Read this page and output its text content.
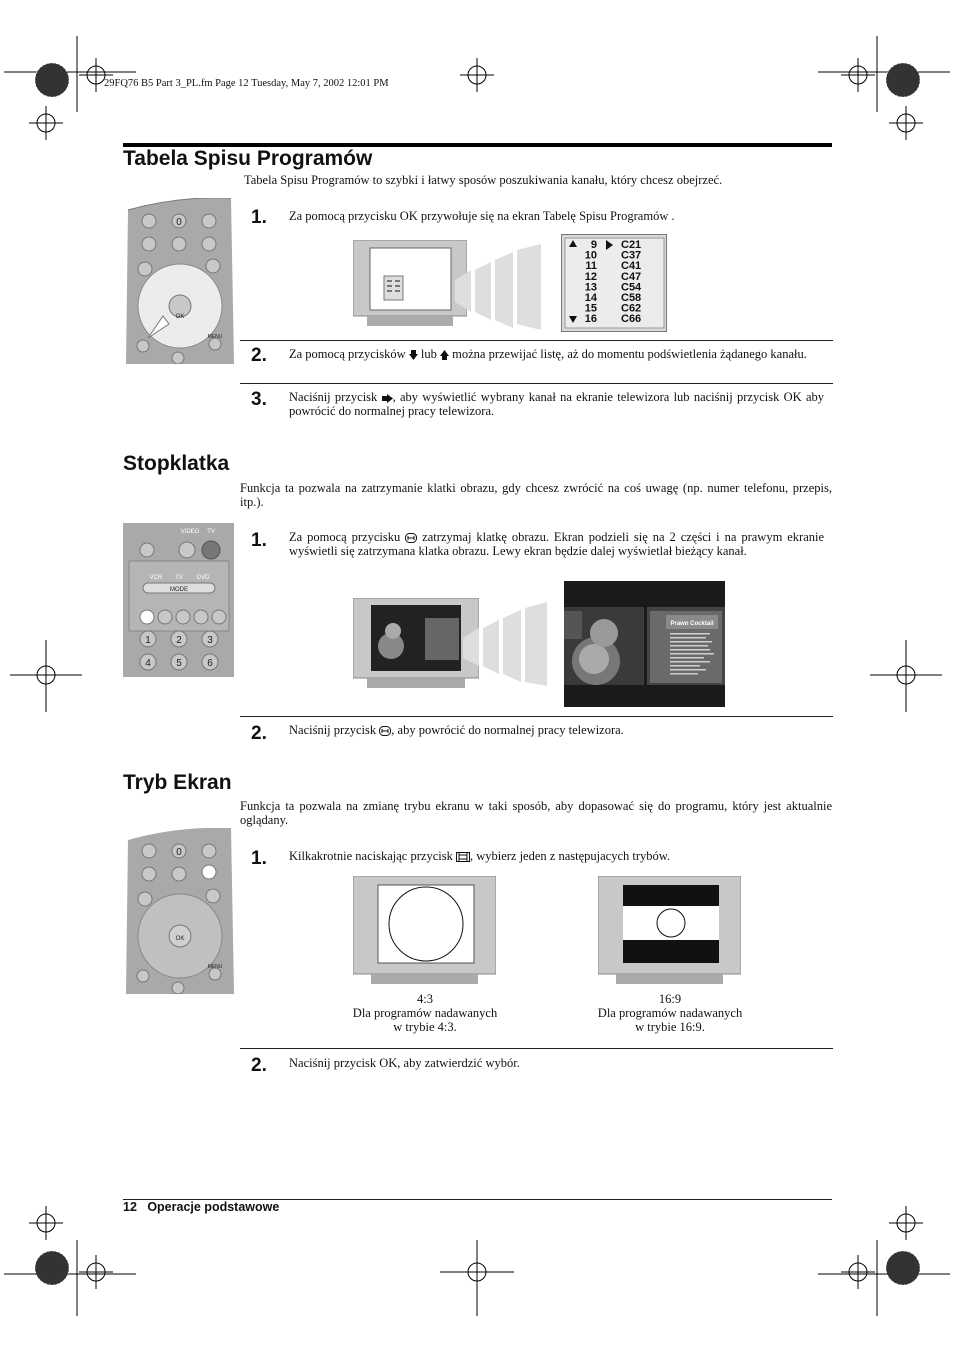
29FQ76 B5 Part 3_PL.fm Page 12 Tuesday, May 7, 2002 12:01 PM
Tabela Spisu Programów
Tabela Spisu Programów to szybki i łatwy sposów poszukiwania kanału, który chcesz obejrzeć.
0
OK
MENU
1. Za pomocą przycisku OK przywołuje się na ekran Tabelę Spisu Programów .
9 C21
10 C37
11 C41
12 C47
13 C54
14 C58
15 C62
16 C66
2. Za pomocą przycisków lub można przewijać listę, aż do momentu podświetlenia żądanego kanału.
3. Naciśnij przycisk , aby wyświetlić wybrany kanał na ekranie telewizora lub naciśnij przycisk OK aby powrócić do normalnej pracy telewizora.
Stopklatka
Funkcja ta pozwala na zatrzymanie klatki obrazu, gdy chcesz zwrócić na coś uwagę (np. numer telefonu, przepis, itp.).
VIDEO TV
VCR TV DVD
MODE
1	2	3
4	5	6
1. Za pomocą przycisku zatrzymaj klatkę obrazu. Ekran podzieli się na 2 części i na prawym ekranie wyświetli się zatrzymana klatka obrazu. Lewy ekran będzie dalej wyświetlał bieżący kanał.
Prawn Cocktail
2. Naciśnij przycisk , aby powrócić do normalnej pracy telewizora.
Tryb Ekran
Funkcja ta pozwala na zmianę trybu ekranu w taki sposób, aby dopasować się do programu, który jest aktualnie oglądany.
0
OK
MENU
1. Kilkakrotnie naciskając przycisk , wybierz jeden z następujacych trybów.
4:3
Dla programów nadawanych
w trybie 4:3.
16:9
Dla programów nadawanych
w trybie 16:9.
2. Naciśnij przycisk OK, aby zatwierdzić wybór.
12 Operacje podstawowe
